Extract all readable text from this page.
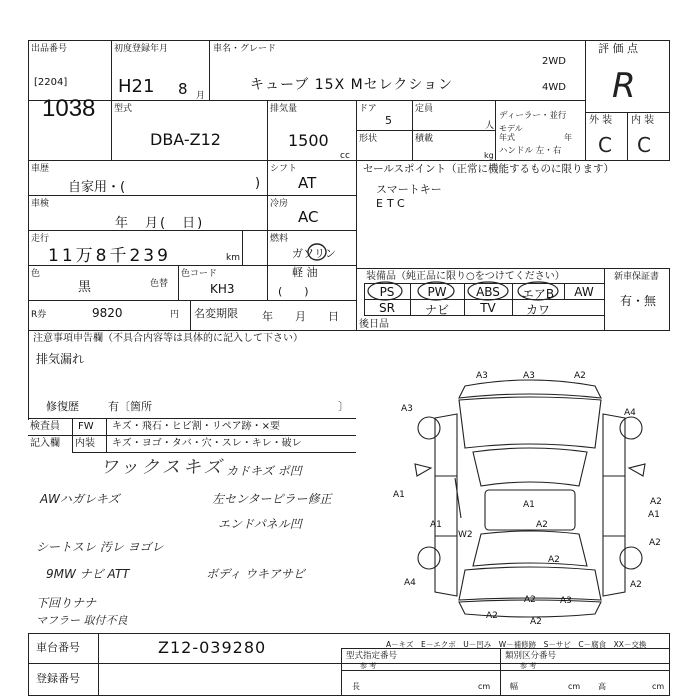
出品番号
[2204]
1038
初度登録年月
H21 8 月
車名・グレード
キューブ 15X Mセレクション
2WD
4WD
評 価 点
R
型式
DBA-Z12
排気量
1500
cc
ドア
5
定員
人
形状	積載
kg
ディーラー・並行
モデル
年式	年
ハンドル 左・右
外 装 内 装
C C
車歴
自家用・(	)
シフト
AT
車検
年　月(　日)
冷房
AC
走行
11万8千239	km
燃料
ガソリン
軽 油
(　　)
色
黒	色替
色コード
KH3
R券	9820	円 名変期限 年　　月　　日
セールスポイント（正常に機能するものに限ります）
スマートキー
ETC
装備品（純正品に限り○をつけてください）
PS	PW	ABS	エアB	AW
SR	ナビ	TV	カワ
新車保証書
有・無
後日品
注意事項申告欄（不具合内容等は具体的に記入して下さい）
排気漏れ
修復歴	有〔箇所	〕
検査員
記入欄
FW キズ・飛石・ヒビ割・リペア跡・×要
内装 キズ・ヨゴ・タバ・穴・スレ・キレ・破レ
ワックスキズ カドキズ ポ凹
AWハガレキズ	左センターピラー修正
エンドパネル凹
シートスレ 汚レ ヨゴレ
9MW ナビ ATT	ボディ ウキアサビ
下回りナナ
マフラー 取付不良
A3	A3	A2
A3	A4
A1
A2
A1
A2
A1
A2
A2
W2
A1
A2
A2
A2
A2
A4
A3
A－キズ　E－エクボ　U－凹み　W－補修跡　S－サビ　C－腐食　XX－交換
車台番号	Z12-039280
登録番号
型式指定番号
参 考
類別区分番号
参 考
長	cm 幅	cm 高	cm
